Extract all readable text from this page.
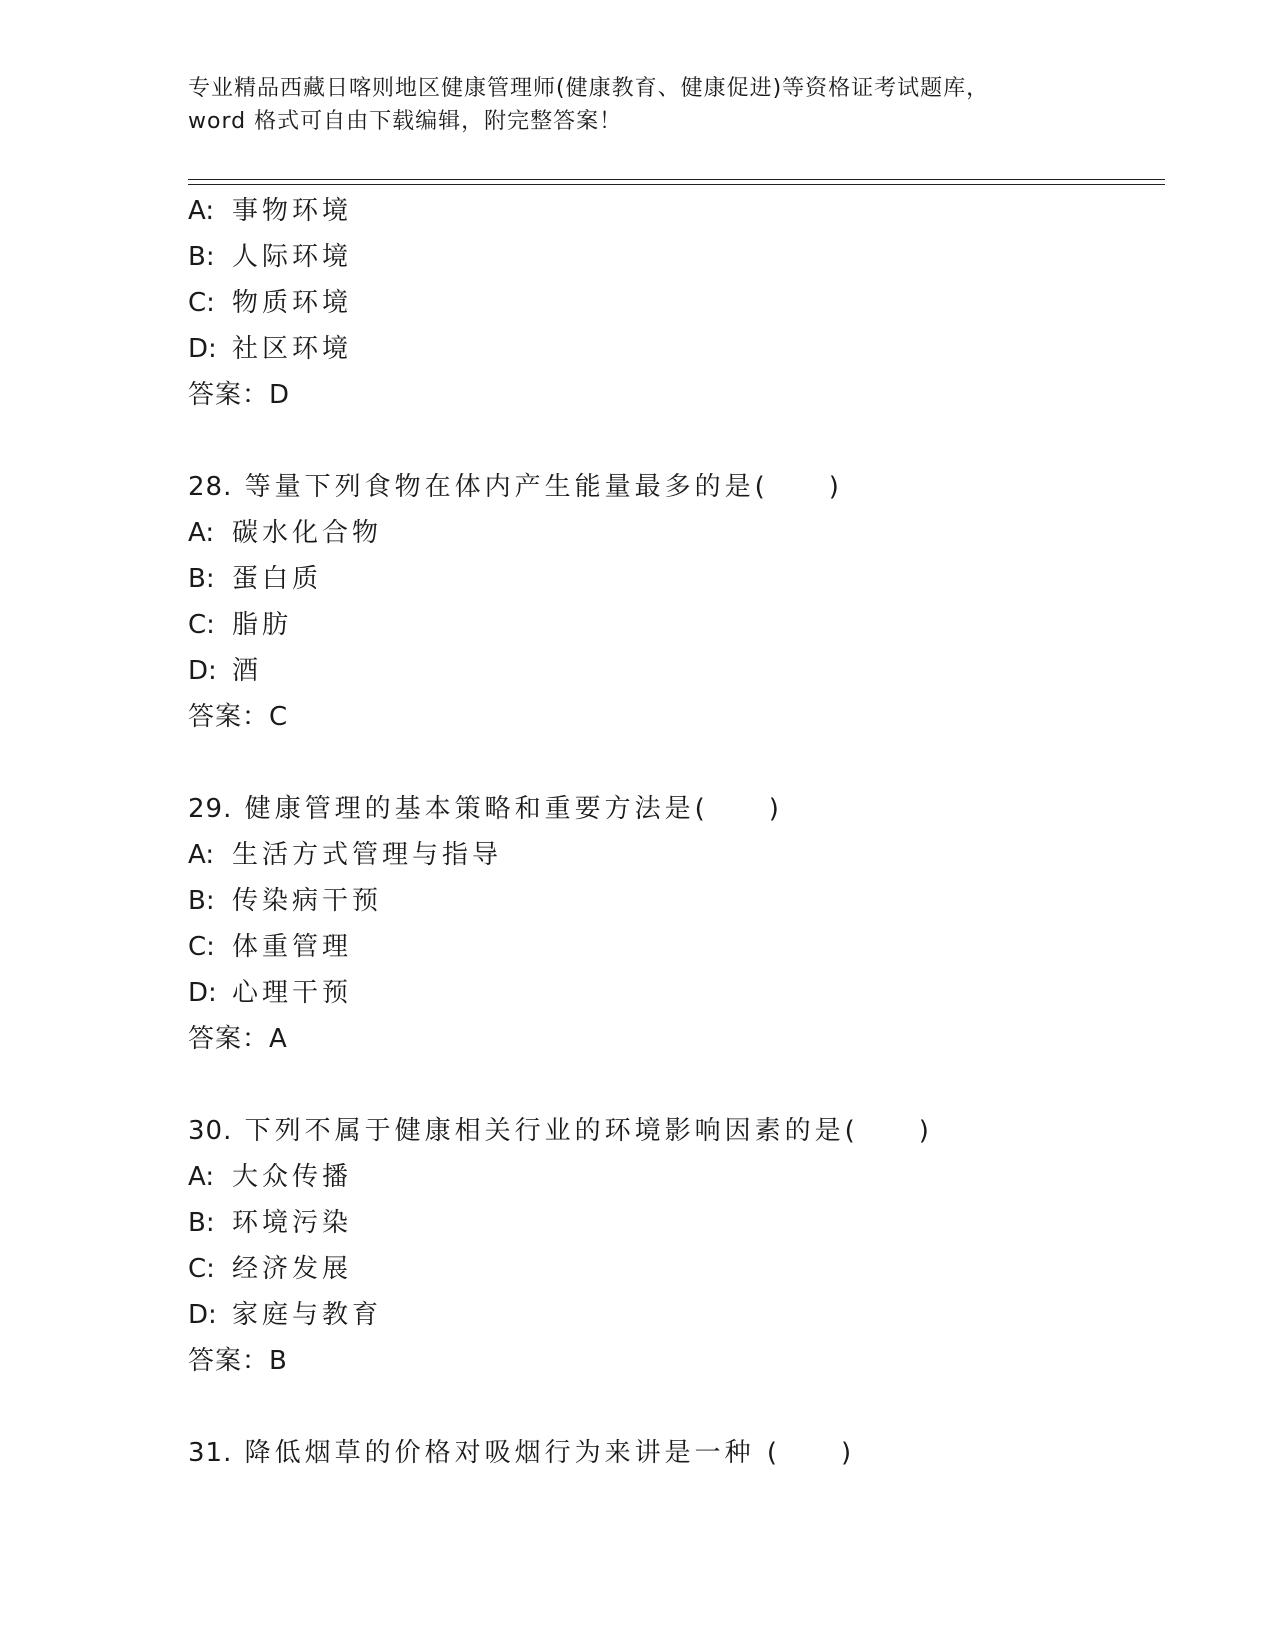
专业精品西藏日喀则地区健康管理师(健康教育、健康促进)等资格证考试题库，
word 格式可自由下载编辑，附完整答案！
A: 事物环境
B: 人际环境
C: 物质环境
D: 社区环境
答案：D
28. 等量下列食物在体内产生能量最多的是( )
A: 碳水化合物
B: 蛋白质
C: 脂肪
D: 酒
答案：C
29. 健康管理的基本策略和重要方法是( )
A: 生活方式管理与指导
B: 传染病干预
C: 体重管理
D: 心理干预
答案：A
30. 下列不属于健康相关行业的环境影响因素的是( )
A: 大众传播
B: 环境污染
C: 经济发展
D: 家庭与教育
答案：B
31. 降低烟草的价格对吸烟行为来讲是一种 ( )
